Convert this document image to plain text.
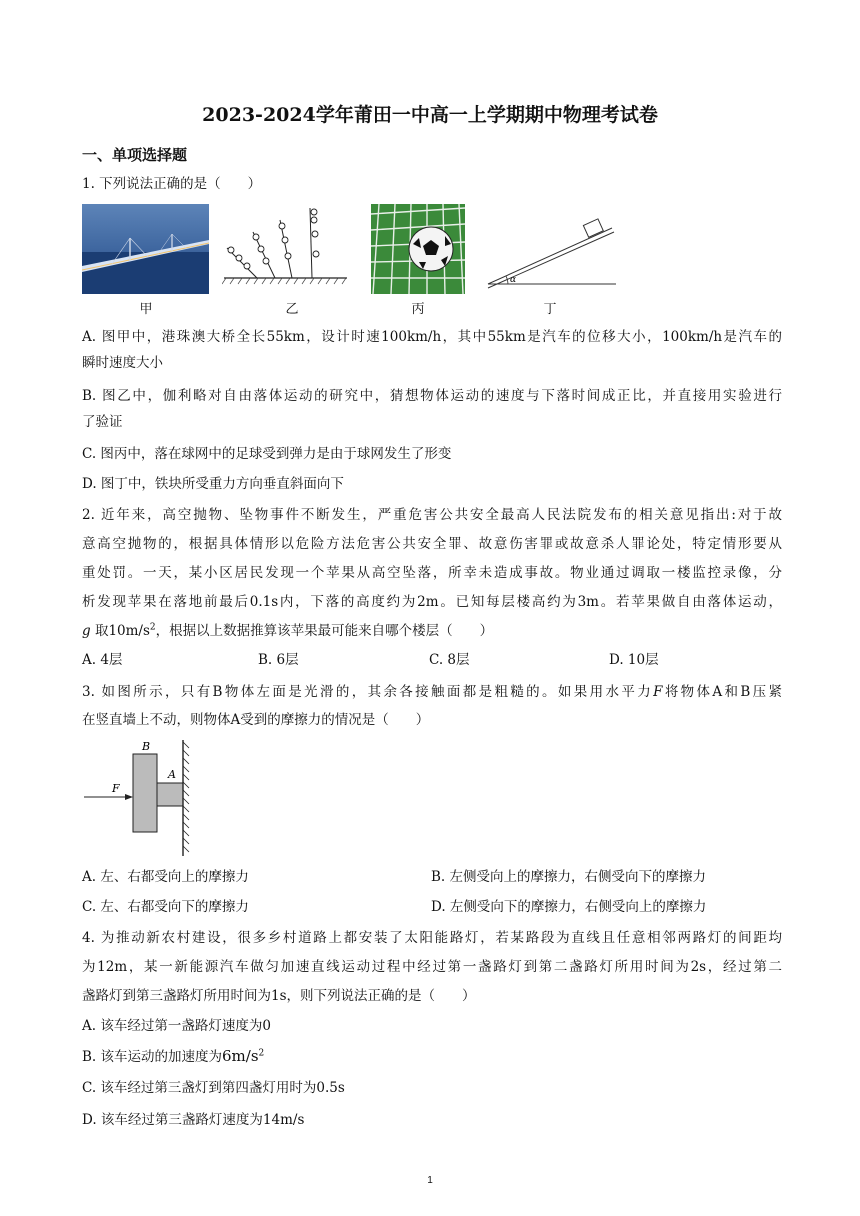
2023-2024学年莆田一中高一上学期期中物理考试卷
一、单项选择题
1. 下列说法正确的是（　　）
甲	乙	丙
α
丁
A. 图甲中，港珠澳大桥全长55km，设计时速100km/h，其中55km是汽车的位移大小，100km/h是汽车的
瞬时速度大小
B. 图乙中，伽利略对自由落体运动的研究中，猜想物体运动的速度与下落时间成正比，并直接用实验进行
了验证
C. 图丙中，落在球网中的足球受到弹力是由于球网发生了形变
D. 图丁中，铁块所受重力方向垂直斜面向下
2. 近年来，高空抛物、坠物事件不断发生，严重危害公共安全最高人民法院发布的相关意见指出:对于故
意高空抛物的，根据具体情形以危险方法危害公共安全罪、故意伤害罪或故意杀人罪论处，特定情形要从
重处罚。一天，某小区居民发现一个苹果从高空坠落，所幸未造成事故。物业通过调取一楼监控录像，分
析发现苹果在落地前最后0.1s内，下落的高度约为2m。已知每层楼高约为3m。若苹果做自由落体运动，
g 取$10m/s^2$，根据以上数据推算该苹果最可能来自哪个楼层（　　）
A. 4层	B. 6层	C. 8层	D. 10层
3. 如图所示，只有B物体左面是光滑的，其余各接触面都是粗糙的。如果用水平力F将物体A和B压紧
在竖直墙上不动，则物体A受到的摩擦力的情况是（　　）
F
B
A
A. 左、右都受向上的摩擦力	B. 左侧受向上的摩擦力，右侧受向下的摩擦力
C. 左、右都受向下的摩擦力	D. 左侧受向下的摩擦力，右侧受向上的摩擦力
4. 为推动新农村建设，很多乡村道路上都安装了太阳能路灯，若某路段为直线且任意相邻两路灯的间距均
为12m，某一新能源汽车做匀加速直线运动过程中经过第一盏路灯到第二盏路灯所用时间为2s，经过第二
盏路灯到第三盏路灯所用时间为1s，则下列说法正确的是（　　）
A. 该车经过第一盏路灯速度为0
B. 该车运动的加速度为$6m/s^2$
C. 该车经过第三盏灯到第四盏灯用时为0.5s
D. 该车经过第三盏路灯速度为14m/s
1
